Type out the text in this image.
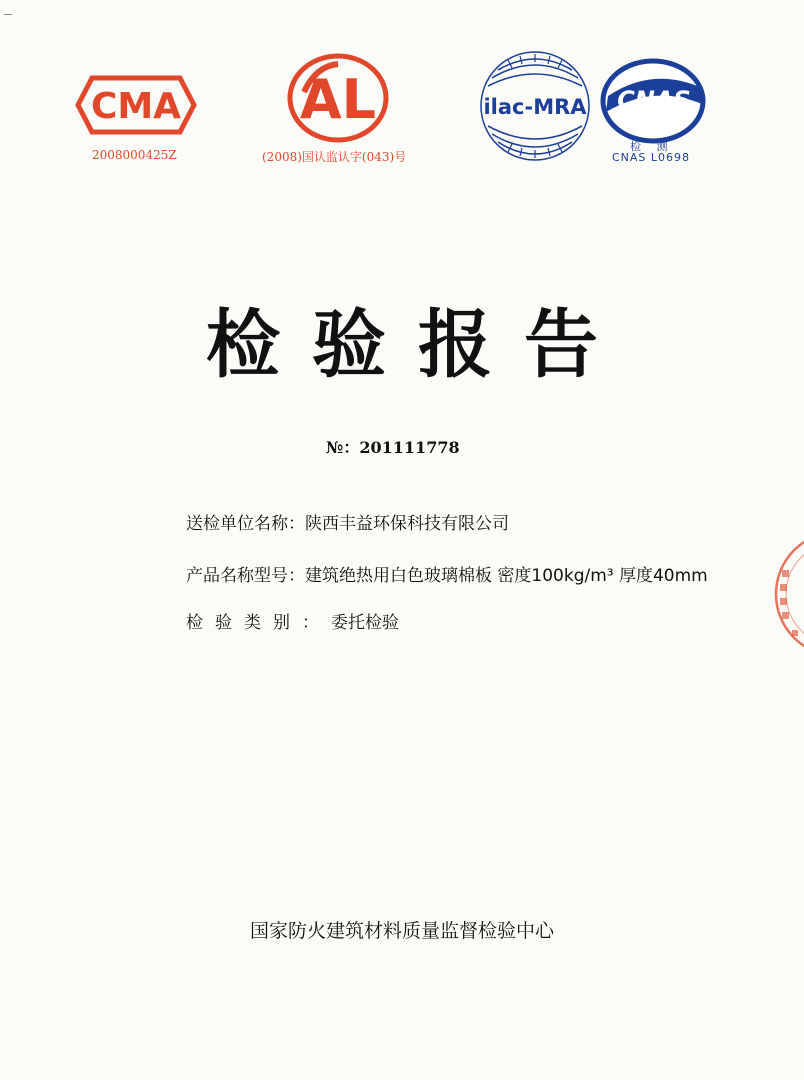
CMA
2008000425Z
AL
(2008)国认监认字(043)号
ilac-MRA CNAS
检 测
CNAS L0698
检验报告
№：201111778
送检单位名称：陕西丰益环保科技有限公司
产品名称型号：建筑绝热用白色玻璃棉板 密度100kg/m³ 厚度40mm
检验类别：委托检验
国家防火建筑材料质量监督检验中心
